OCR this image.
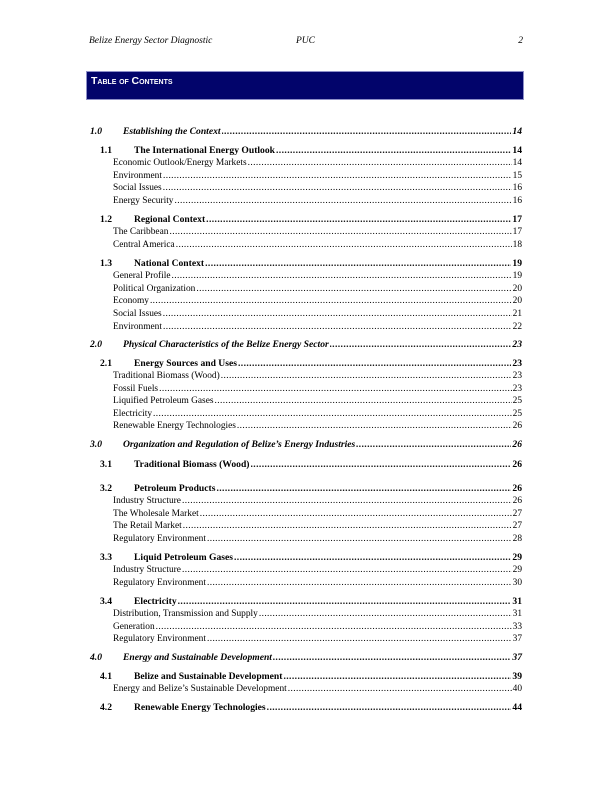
Belize Energy Sector Diagnostic	PUC	2
Table of Contents
1.0	Establishing the Context .....	14
1.1	The International Energy Outlook .....	14
Economic Outlook/Energy Markets .....	14
Environment .....	15
Social Issues .....	16
Energy Security .....	16
1.2	Regional Context .....	17
The Caribbean .....	17
Central America .....	18
1.3	National Context .....	19
General Profile .....	19
Political Organization .....	20
Economy .....	20
Social Issues .....	21
Environment .....	22
2.0	Physical Characteristics of the Belize Energy Sector .....	23
2.1	Energy Sources and Uses .....	23
Traditional Biomass (Wood) .....	23
Fossil Fuels .....	23
Liquified Petroleum Gases .....	25
Electricity .....	25
Renewable Energy Technologies .....	26
3.0	Organization and Regulation of Belize’s Energy Industries .....	26
3.1	Traditional Biomass (Wood) .....	26
3.2	Petroleum Products .....	26
Industry Structure .....	26
The Wholesale Market .....	27
The Retail Market .....	27
Regulatory Environment .....	28
3.3	Liquid Petroleum Gases .....	29
Industry Structure .....	29
Regulatory Environment .....	30
3.4	Electricity .....	31
Distribution, Transmission and Supply .....	31
Generation .....	33
Regulatory Environment .....	37
4.0	Energy and Sustainable Development .....	37
4.1	Belize and Sustainable Development .....	39
Energy and Belize’s Sustainable Development .....	40
4.2	Renewable Energy Technologies .....	44
